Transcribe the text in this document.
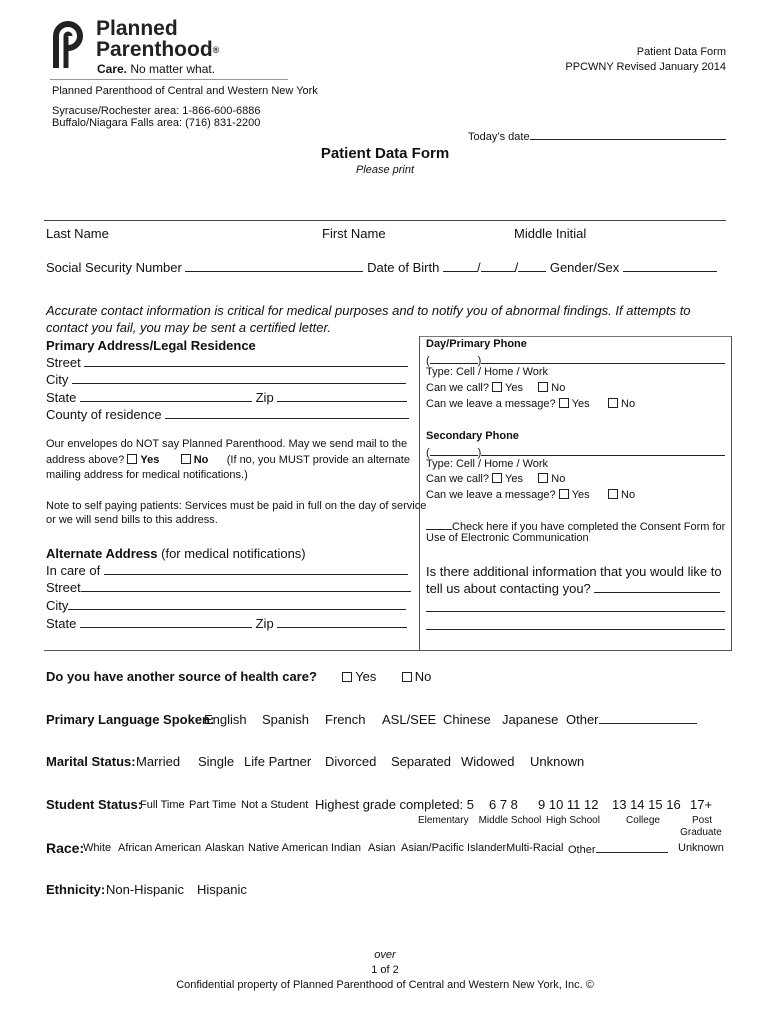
Planned
Parenthood®
Care. No matter what.
Planned Parenthood of Central and Western New York
Syracuse/Rochester area: 1-866-600-6886
Buffalo/Niagara Falls area: (716) 831-2200
Patient Data Form
PPCWNY Revised January 2014
Today’s date
Patient Data Form
Please print
Last Name	First Name	Middle Initial
Social Security Number	Date of Birth	/	/ Gender/Sex
Accurate contact information is critical for medical purposes and to notify you of abnormal findings. If attempts to
contact you fail, you may be sent a certified letter.
Primary Address/Legal Residence
Street
City
State	Zip
County of residence
Our envelopes do NOT say Planned Parenthood. May we send mail to the
address above? Yes	No (If no, you MUST provide an alternate
mailing address for medical notifications.)
Note to self paying patients: Services must be paid in full on the day of service
or we will send bills to this address.
Alternate Address (for medical notifications)
In care of
Street
City
State	Zip
Day/Primary Phone
(	)
Type: Cell / Home / Work
Can we call? Yes	No
Can we leave a message? Yes	No
Secondary Phone
(	)
Type: Cell / Home / Work
Can we call? Yes	No
Can we leave a message? Yes	No
Check here if you have completed the Consent Form for
Use of Electronic Communication
Is there additional information that you would like to
tell us about contacting you?
Do you have another source of health care?	Yes	No
Primary Language Spoken:
English Spanish French ASL/SEE Chinese Japanese Other
Marital Status: Married Single Life Partner Divorced Separated Widowed Unknown
Student Status:
Full Time Part Time Not a Student Highest grade completed: 5 6 7 8 9 10 11 12 13 14 15 16 17+
Elementary Middle School High School	College	Post
Graduate
Race:
White African American Alaskan Native American Indian Asian Asian/Pacific Islander Multi-Racial Other	Unknown
Ethnicity: Non-Hispanic Hispanic
over
1 of 2
Confidential property of Planned Parenthood of Central and Western New York, Inc. ©
